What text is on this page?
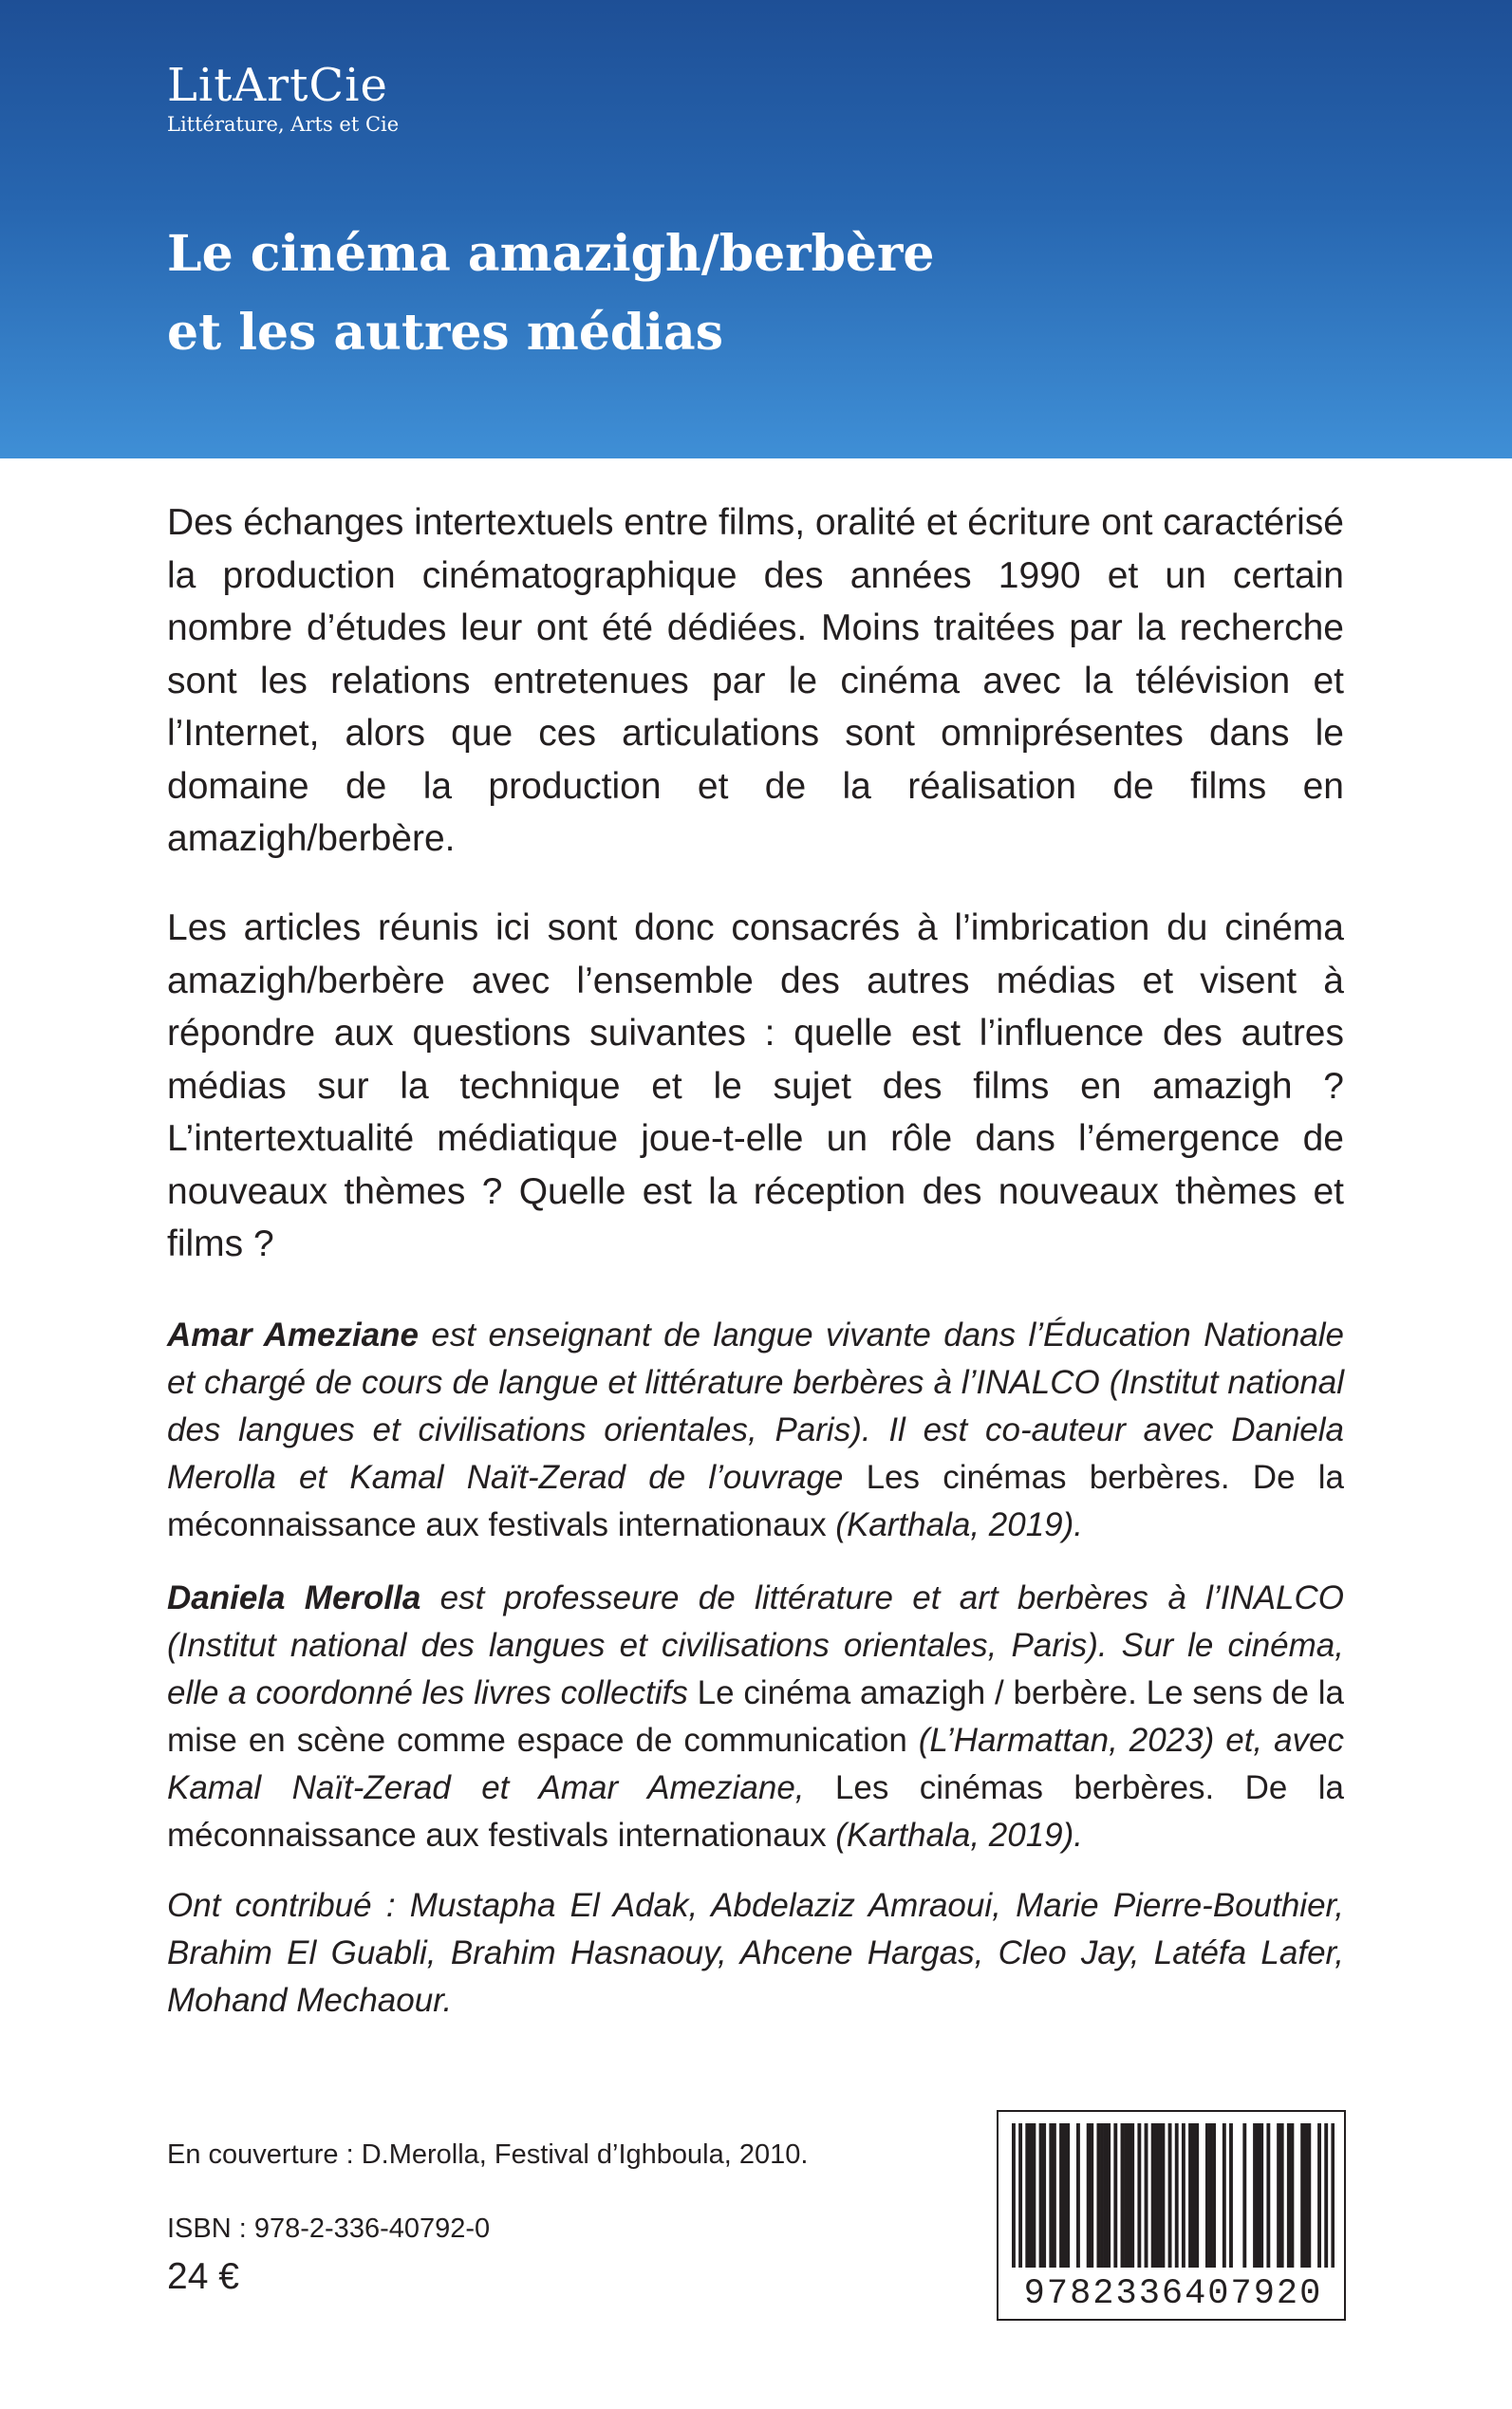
LitArtCie
Littérature, Arts et Cie
Le cinéma amazigh/berbère
et les autres médias
Des échanges intertextuels entre films, oralité et écriture ont caractérisé la production cinématographique des années 1990 et un certain nombre d’études leur ont été dédiées. Moins traitées par la recherche sont les relations entretenues par le cinéma avec la télévision et l’Internet, alors que ces articulations sont omniprésentes dans le domaine de la production et de la réalisation de films en amazigh/berbère.
Les articles réunis ici sont donc consacrés à l’imbrication du cinéma amazigh/berbère avec l’ensemble des autres médias et visent à répondre aux questions suivantes : quelle est l’influence des autres médias sur la technique et le sujet des films en amazigh ? L’intertextualité médiatique joue-t-elle un rôle dans l’émergence de nouveaux thèmes ? Quelle est la réception des nouveaux thèmes et films ?
Amar Ameziane est enseignant de langue vivante dans l’Éducation Nationale et chargé de cours de langue et littérature berbères à l’INALCO (Institut national des langues et civilisations orientales, Paris). Il est co-auteur avec Daniela Merolla et Kamal Naït-Zerad de l’ouvrage Les cinémas berbères. De la méconnaissance aux festivals internationaux (Karthala, 2019).
Daniela Merolla est professeure de littérature et art berbères à l’INALCO (Institut national des langues et civilisations orientales, Paris). Sur le cinéma, elle a coordonné les livres collectifs Le cinéma amazigh / berbère. Le sens de la mise en scène comme espace de communication (L’Harmattan, 2023) et, avec Kamal Naït-Zerad et Amar Ameziane, Les cinémas berbères. De la méconnaissance aux festivals internationaux (Karthala, 2019).
Ont contribué : Mustapha El Adak, Abdelaziz Amraoui, Marie Pierre-Bouthier, Brahim El Guabli, Brahim Hasnaouy, Ahcene Hargas, Cleo Jay, Latéfa Lafer, Mohand Mechaour.
En couverture : D.Merolla, Festival d’Ighboula, 2010.
ISBN : 978-2-336-40792-0
24 €	9782336407920
